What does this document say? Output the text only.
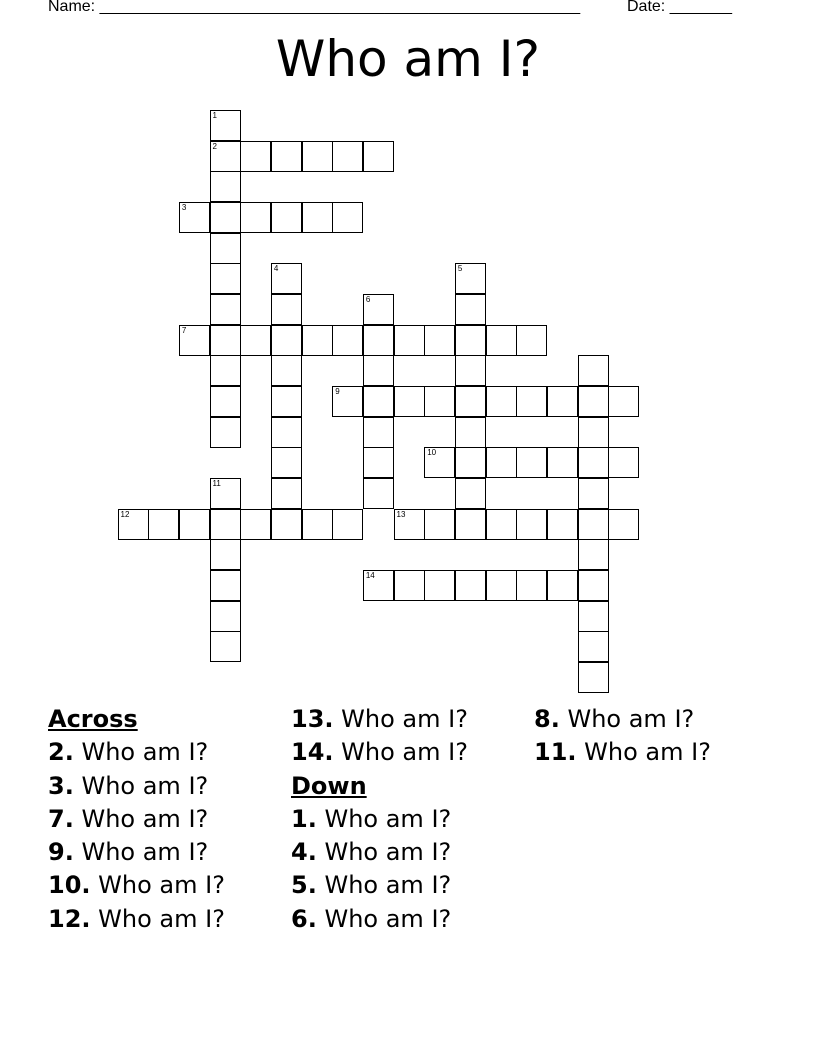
Name: ______________________________________________________	Date: _______
Who am I?
1
2
3
4	5
6
7
9
10
11
12	13
14
Across
2. Who am I?
3. Who am I?
7. Who am I?
9. Who am I?
10. Who am I?
12. Who am I?
13. Who am I?
14. Who am I?
Down
1. Who am I?
4. Who am I?
5. Who am I?
6. Who am I?
8. Who am I?
11. Who am I?
